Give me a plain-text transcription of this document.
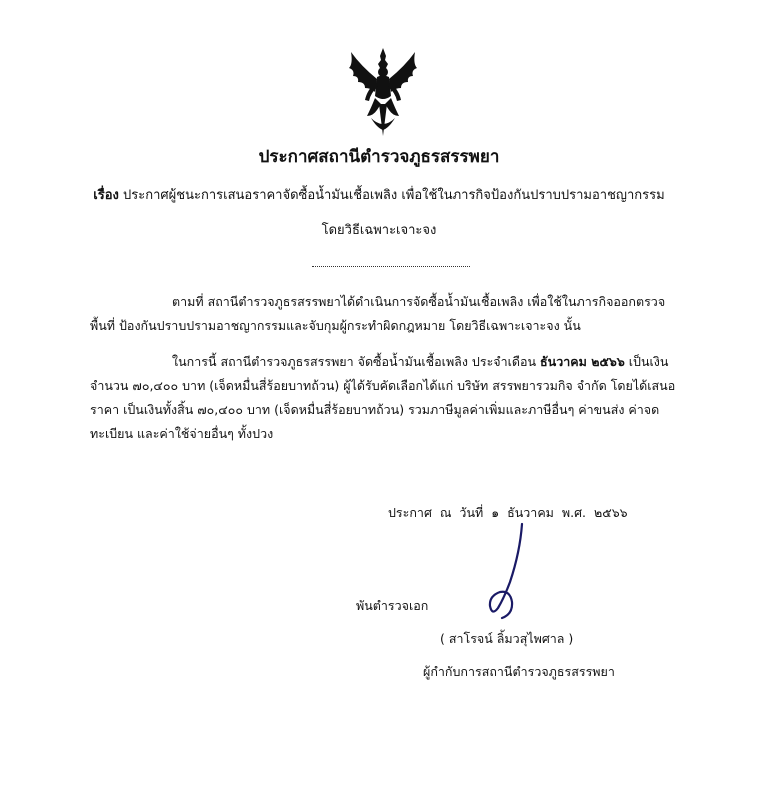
ประกาศสถานีตำรวจภูธรสรรพยา
เรื่อง ประกาศผู้ชนะการเสนอราคาจัดซื้อน้ำมันเชื้อเพลิง เพื่อใช้ในภารกิจป้องกันปราบปรามอาชญากรรม
โดยวิธีเฉพาะเจาะจง
ตามที่ สถานีตำรวจภูธรสรรพยาได้ดำเนินการจัดซื้อน้ำมันเชื้อเพลิง เพื่อใช้ในภารกิจออกตรวจ
พื้นที่ ป้องกันปราบปรามอาชญากรรมและจับกุมผู้กระทำผิดกฎหมาย โดยวิธีเฉพาะเจาะจง นั้น
ในการนี้ สถานีตำรวจภูธรสรรพยา จัดซื้อน้ำมันเชื้อเพลิง ประจำเดือน ธันวาคม ๒๕๖๖ เป็นเงิน
จำนวน ๗๐,๔๐๐ บาท (เจ็ดหมื่นสี่ร้อยบาทถ้วน) ผู้ได้รับคัดเลือกได้แก่ บริษัท สรรพยารวมกิจ จำกัด โดยได้เสนอ
ราคา เป็นเงินทั้งสิ้น ๗๐,๔๐๐ บาท (เจ็ดหมื่นสี่ร้อยบาทถ้วน) รวมภาษีมูลค่าเพิ่มและภาษีอื่นๆ ค่าขนส่ง ค่าจด
ทะเบียน และค่าใช้จ่ายอื่นๆ ทั้งปวง
ประกาศ ณ วันที่ ๑ ธันวาคม พ.ศ. ๒๕๖๖
พันตำรวจเอก
( สาโรจน์ ลิ้มวสุไพศาล )
ผู้กำกับการสถานีตำรวจภูธรสรรพยา
